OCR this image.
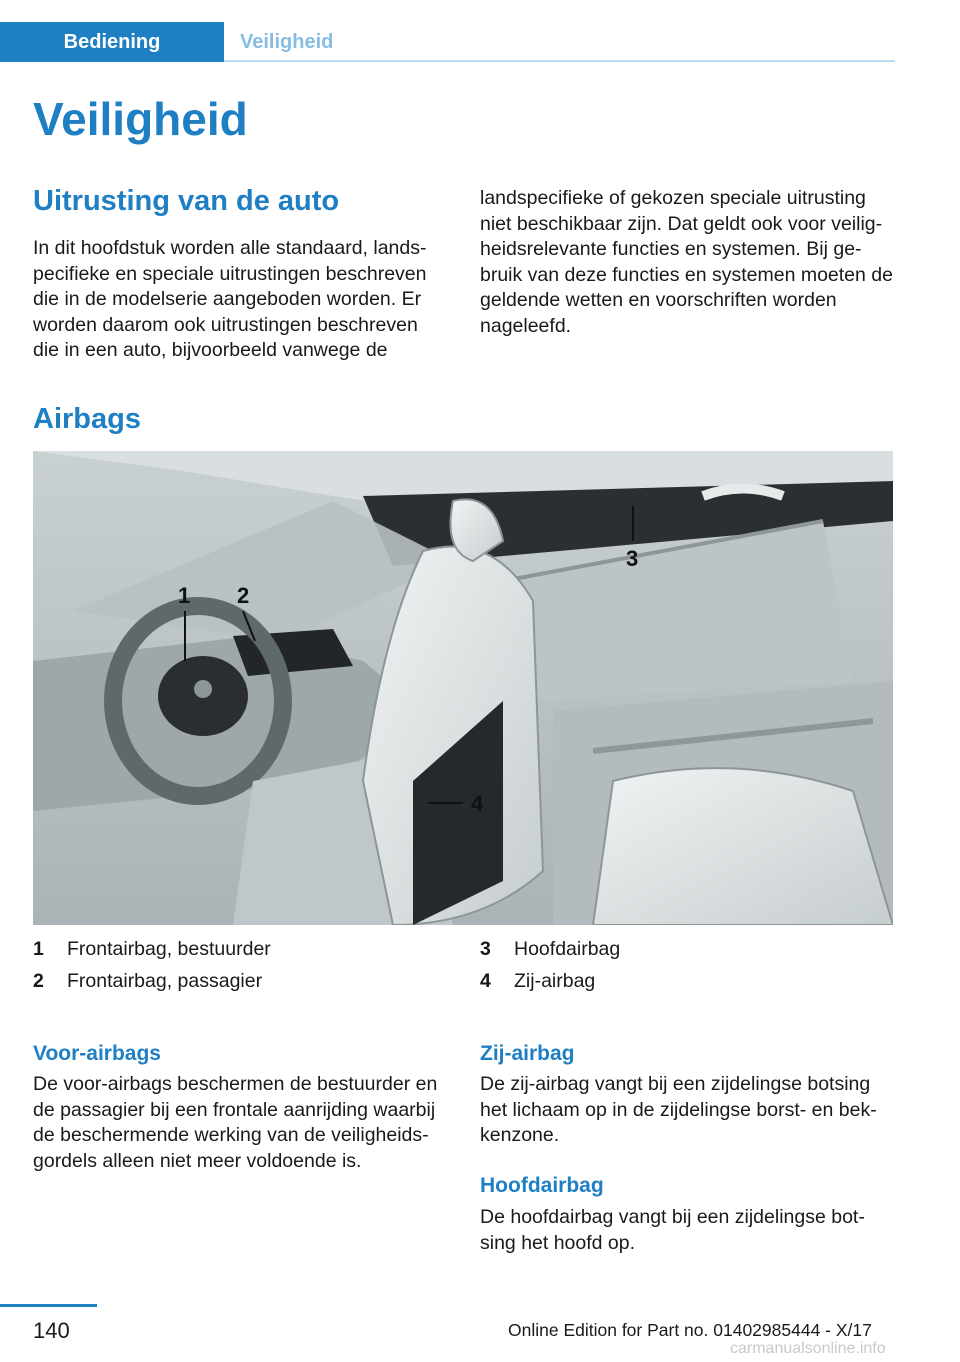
Bediening	Veiligheid
Veiligheid
Uitrusting van de auto

In dit hoofdstuk worden alle standaard, landspecifieke en speciale uitrustingen beschreven die in de modelserie aangeboden worden. Er worden daarom ook uitrustingen beschreven die in een auto, bijvoorbeeld vanwege de

landspecifieke of gekozen speciale uitrusting niet beschikbaar zijn. Dat geldt ook voor veiligheidsrelevante functies en systemen. Bij gebruik van deze functies en systemen moeten de geldende wetten en voorschriften worden nageleefd.

Airbags
1 2
3
4
1 Frontairbag, bestuurder
2 Frontairbag, passagier
3 Hoofdairbag
4 Zij-airbag
Voor-airbags

De voor-airbags beschermen de bestuurder en de passagier bij een frontale aanrijding waarbij de beschermende werking van de veiligheidsgordels alleen niet meer voldoende is.

Zij-airbag

De zij-airbag vangt bij een zijdelingse botsing het lichaam op in de zijdelingse borst- en bekkenzone.

Hoofdairbag

De hoofdairbag vangt bij een zijdelingse botsing het hoofd op.

140	Online Edition for Part no. 01402985444 - X/17
carmanualsonline.info
